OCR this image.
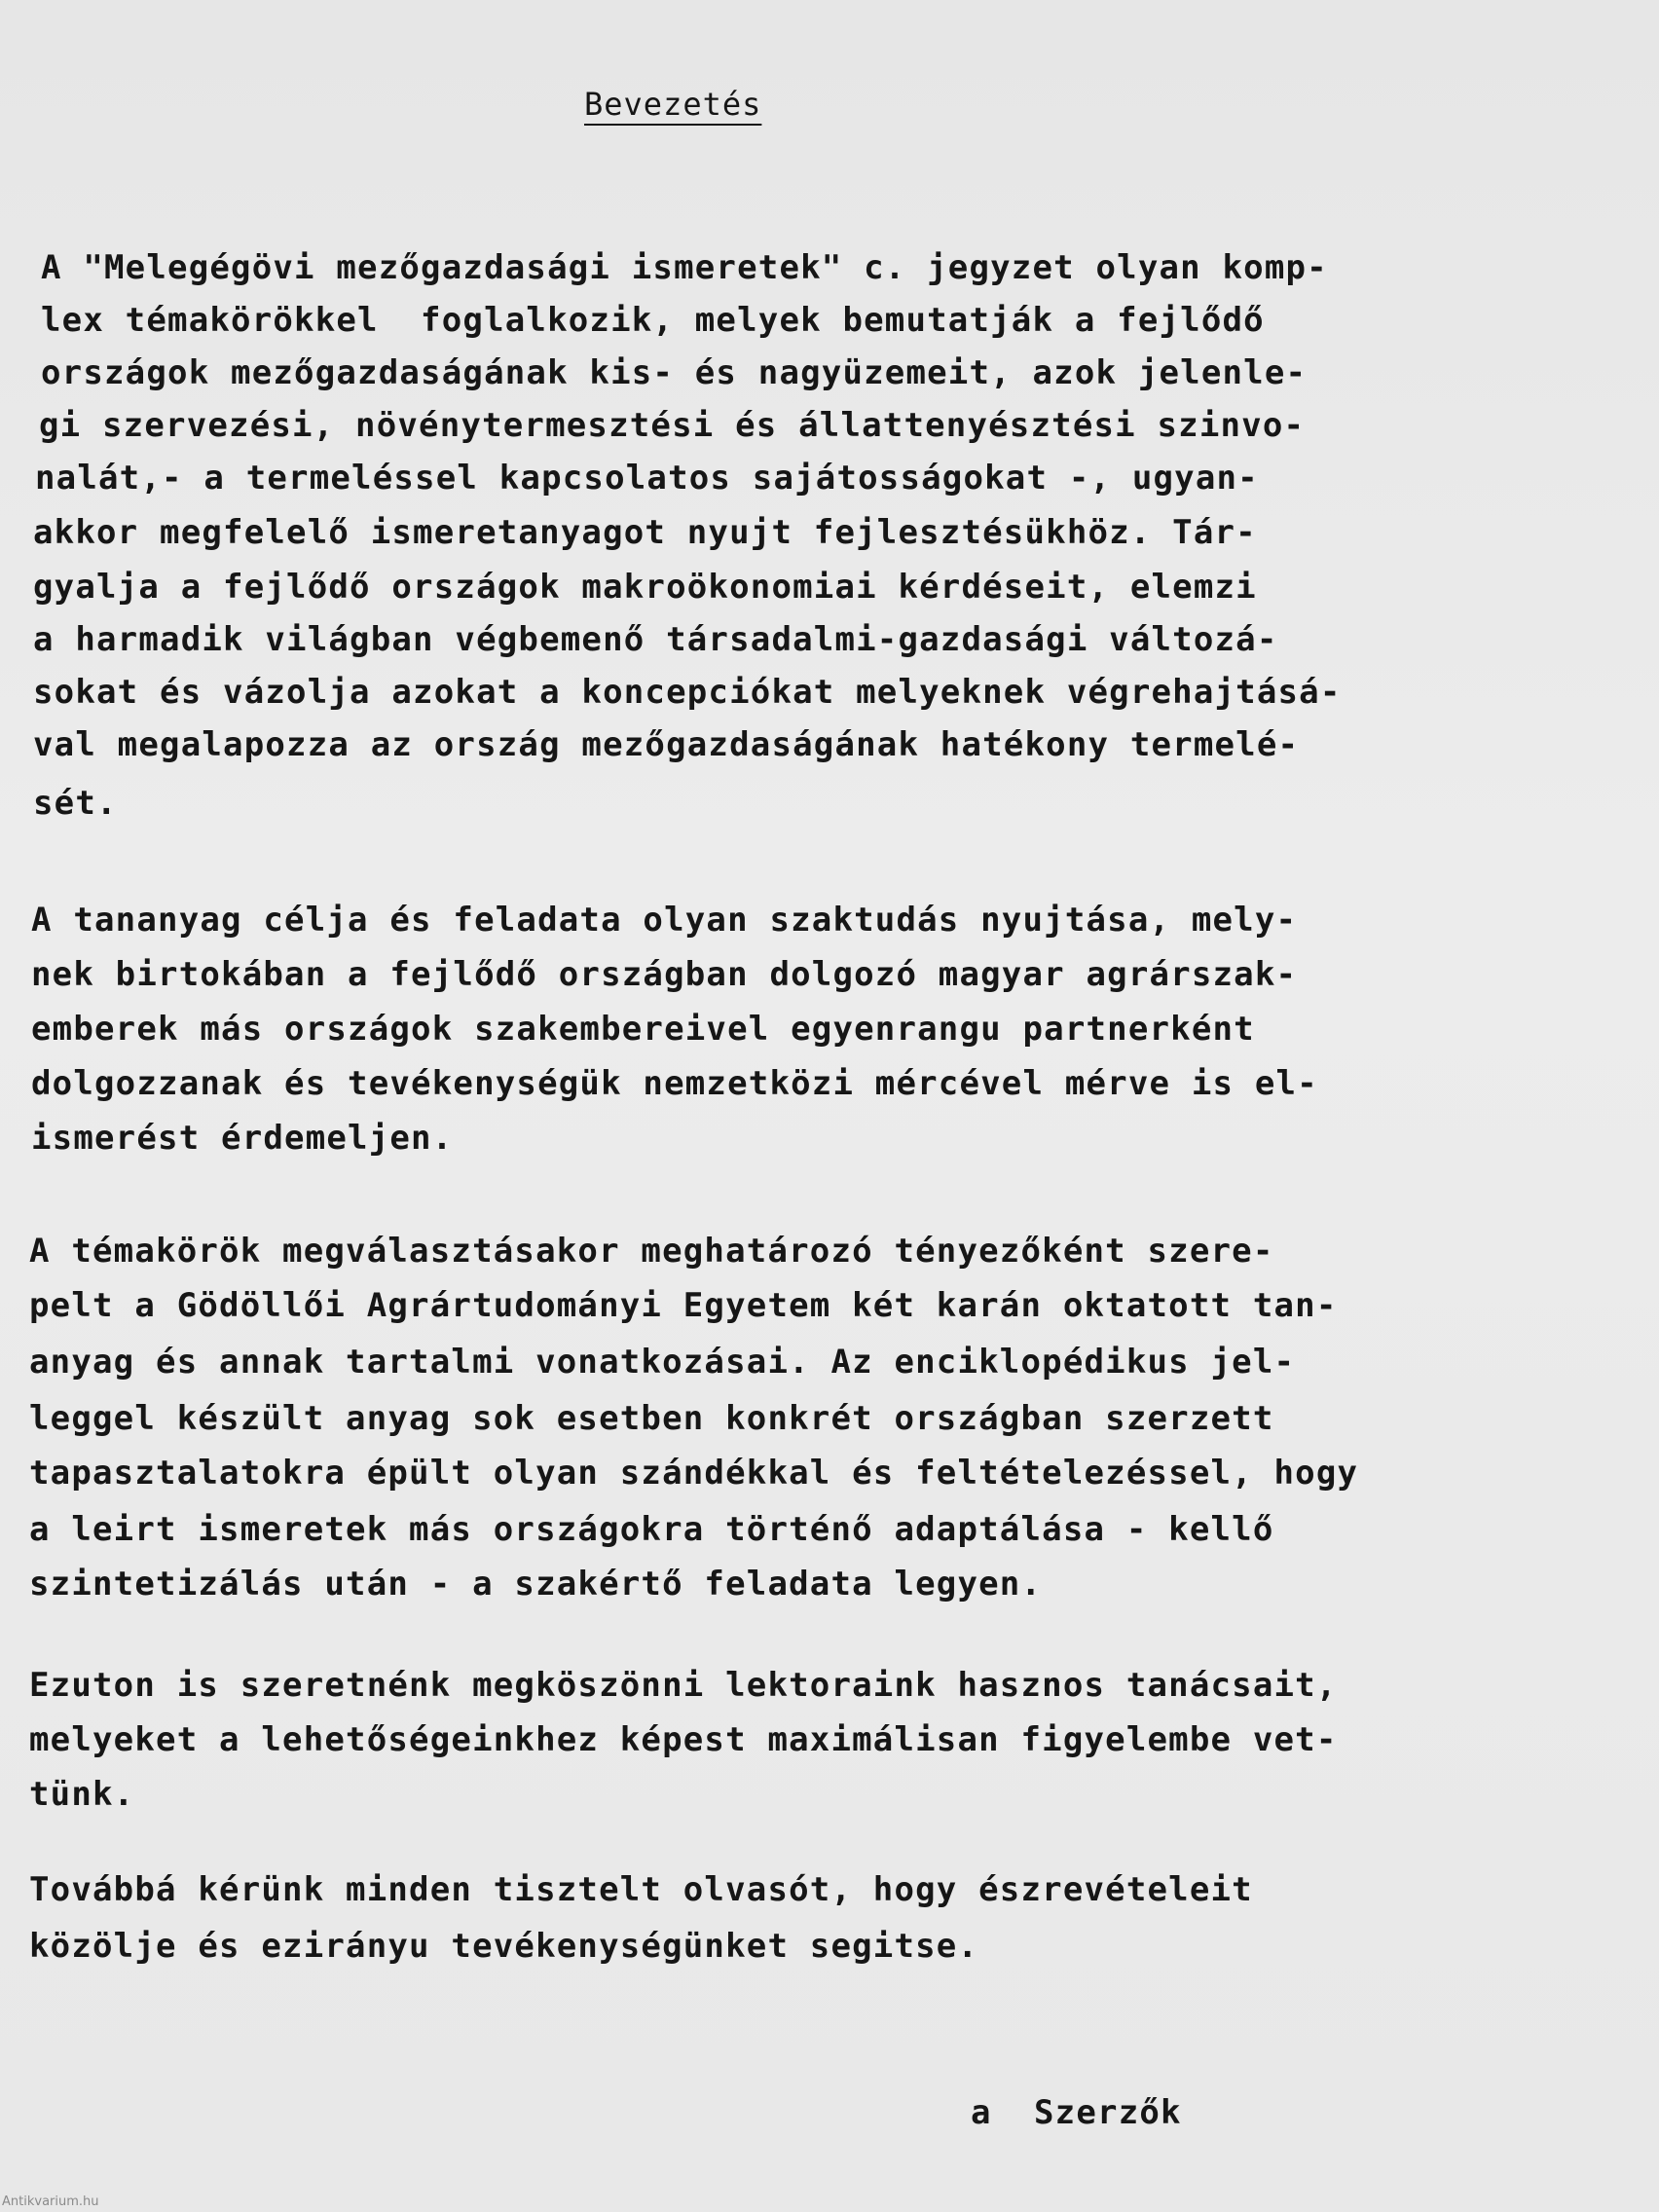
Bevezetés
A "Melegégövi mezőgazdasági ismeretek" c. jegyzet olyan komp-
lex témakörökkel  foglalkozik, melyek bemutatják a fejlődő
országok mezőgazdaságának kis- és nagyüzemeit, azok jelenle-
gi szervezési, növénytermesztési és állattenyésztési szinvo-
nalát,- a termeléssel kapcsolatos sajátosságokat -, ugyan-
akkor megfelelő ismeretanyagot nyujt fejlesztésükhöz. Tár-
gyalja a fejlődő országok makroökonomiai kérdéseit, elemzi
a harmadik világban végbemenő társadalmi-gazdasági változá-
sokat és vázolja azokat a koncepciókat melyeknek végrehajtásá-
val megalapozza az ország mezőgazdaságának hatékony termelé-
sét.
A tananyag célja és feladata olyan szaktudás nyujtása, mely-
nek birtokában a fejlődő országban dolgozó magyar agrárszak-
emberek más országok szakembereivel egyenrangu partnerként
dolgozzanak és tevékenységük nemzetközi mércével mérve is el-
ismerést érdemeljen.
A témakörök megválasztásakor meghatározó tényezőként szere-
pelt a Gödöllői Agrártudományi Egyetem két karán oktatott tan-
anyag és annak tartalmi vonatkozásai. Az enciklopédikus jel-
leggel készült anyag sok esetben konkrét országban szerzett
tapasztalatokra épült olyan szándékkal és feltételezéssel, hogy
a leirt ismeretek más országokra történő adaptálása - kellő
szintetizálás után - a szakértő feladata legyen.
Ezuton is szeretnénk megköszönni lektoraink hasznos tanácsait,
melyeket a lehetőségeinkhez képest maximálisan figyelembe vet-
tünk.
Továbbá kérünk minden tisztelt olvasót, hogy észrevételeit
közölje és ezirányu tevékenységünket segitse.
a  Szerzők
Antikvarium.hu
